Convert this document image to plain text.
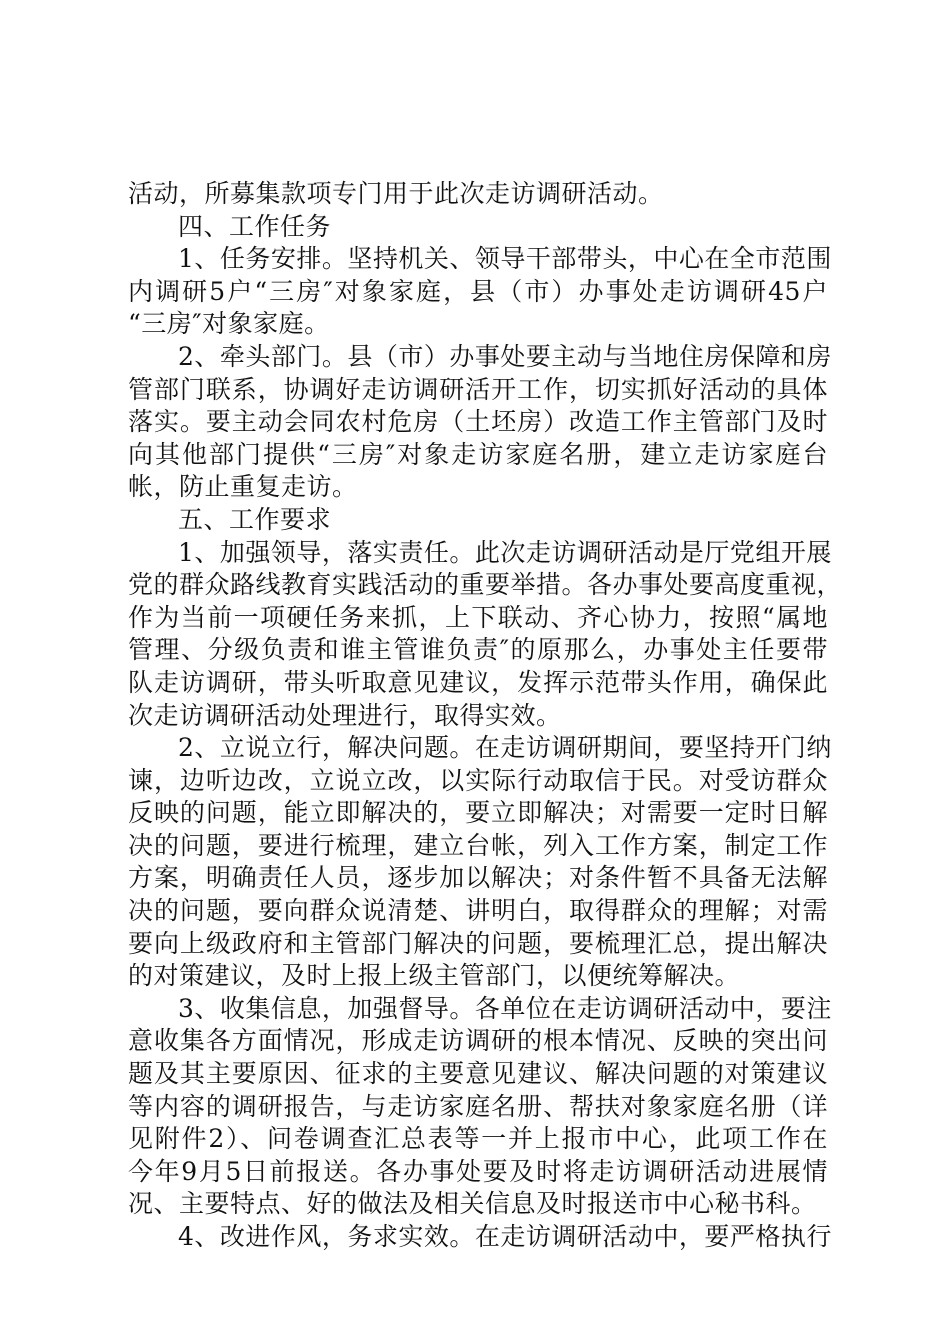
活动，所募集款项专门用于此次走访调研活动。
四、工作任务
1、任务安排。坚持机关、领导干部带头，中心在全市范围
内调研5户“三房″对象家庭，县（市）办事处走访调研45户
“三房″对象家庭。
2、牵头部门。县（市）办事处要主动与当地住房保障和房
管部门联系，协调好走访调研活开工作，切实抓好活动的具体
落实。要主动会同农村危房（土坯房）改造工作主管部门及时
向其他部门提供“三房″对象走访家庭名册，建立走访家庭台
帐，防止重复走访。
五、工作要求
1、加强领导，落实责任。此次走访调研活动是厅党组开展
党的群众路线教育实践活动的重要举措。各办事处要高度重视，
作为当前一项硬任务来抓，上下联动、齐心协力，按照“属地
管理、分级负责和谁主管谁负责″的原那么，办事处主任要带
队走访调研，带头听取意见建议，发挥示范带头作用，确保此
次走访调研活动处理进行，取得实效。
2、立说立行，解决问题。在走访调研期间，要坚持开门纳
谏，边听边改，立说立改，以实际行动取信于民。对受访群众
反映的问题，能立即解决的，要立即解决；对需要一定时日解
决的问题，要进行梳理，建立台帐，列入工作方案，制定工作
方案，明确责任人员，逐步加以解决；对条件暂不具备无法解
决的问题，要向群众说清楚、讲明白，取得群众的理解；对需
要向上级政府和主管部门解决的问题，要梳理汇总，提出解决
的对策建议，及时上报上级主管部门，以便统筹解决。
3、收集信息，加强督导。各单位在走访调研活动中，要注
意收集各方面情况，形成走访调研的根本情况、反映的突出问
题及其主要原因、征求的主要意见建议、解决问题的对策建议
等内容的调研报告，与走访家庭名册、帮扶对象家庭名册（详
见附件2）、问卷调查汇总表等一并上报市中心，此项工作在
今年9月5日前报送。各办事处要及时将走访调研活动进展情
况、主要特点、好的做法及相关信息及时报送市中心秘书科。
4、改进作风，务求实效。在走访调研活动中，要严格执行
